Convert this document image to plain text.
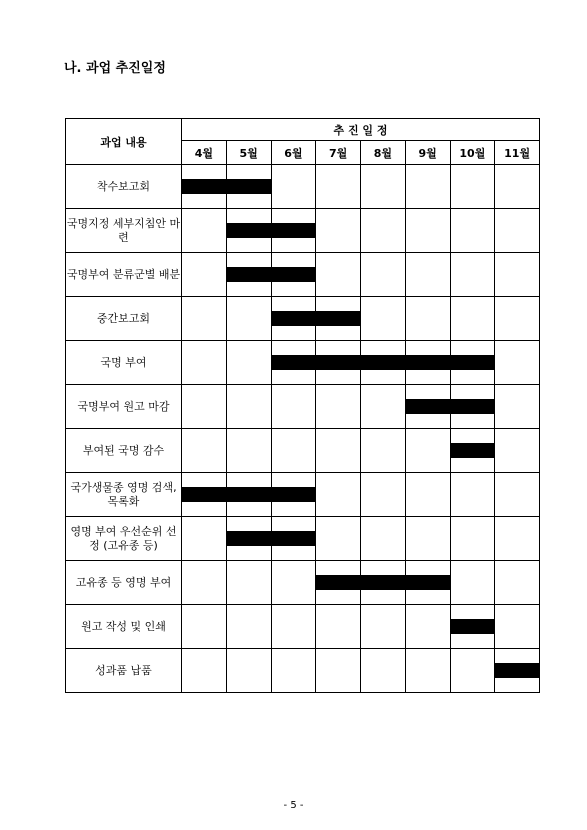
나. 과업 추진일정
과업 내용	추 진 일 정							
	4월	5월	6월	7월	8월	9월	10월	11월
착수보고회	

국명지정 세부지침안 마련		

국명부여 분류군별 배분		

중간보고회			

국명 부여			

국명부여 원고 마감						

부여된 국명 감수							

국가생물종 영명 검색, 목록화	

영명 부여 우선순위 선정 (고유종 등)		

고유종 등 영명 부여				

원고 작성 및 인쇄							

성과품 납품								
- 5 -
